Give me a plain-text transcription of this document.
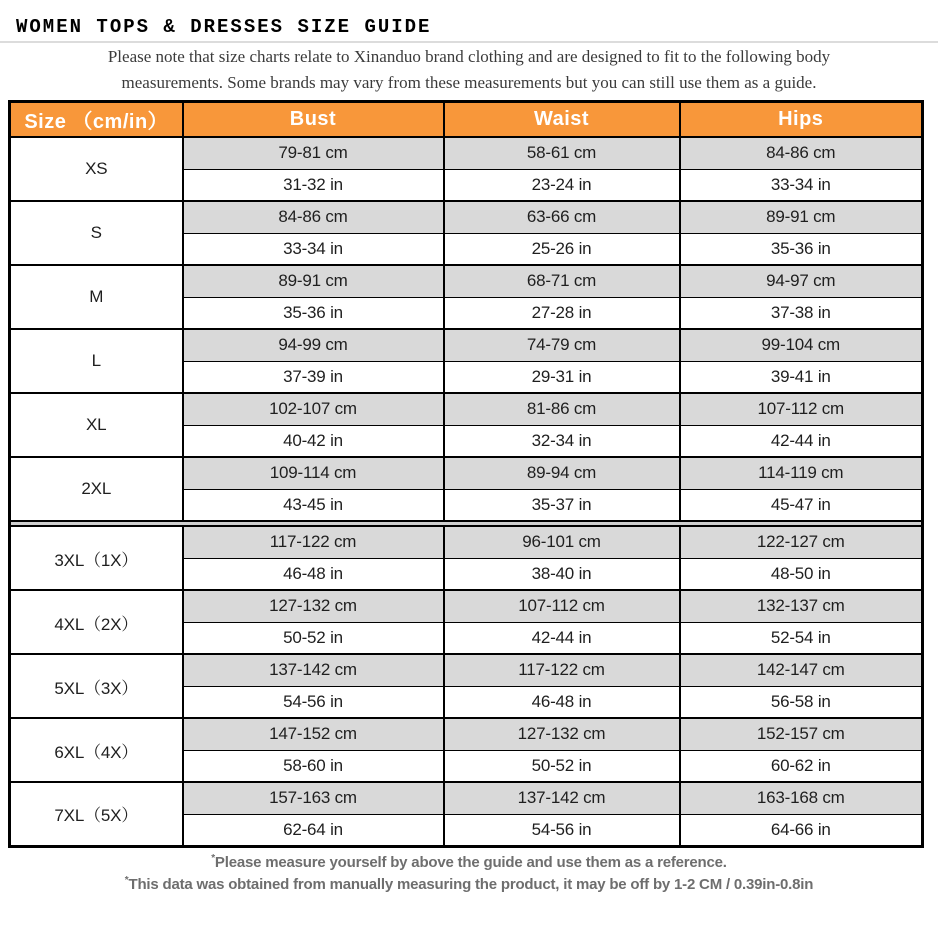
WOMEN TOPS & DRESSES SIZE GUIDE

Please note that size charts relate to Xinanduo brand clothing and are designed to fit to the following body
measurements. Some brands may vary from these measurements but you can still use them as a guide.

Size （cm/in）	Bust	Waist	Hips
XS	79-81 cm	58-61 cm	84-86 cm
	31-32 in	23-24 in	33-34 in
S	84-86 cm	63-66 cm	89-91 cm
	33-34 in	25-26 in	35-36 in
M	89-91 cm	68-71 cm	94-97 cm
	35-36 in	27-28 in	37-38 in
L	94-99 cm	74-79 cm	99-104 cm
	37-39 in	29-31 in	39-41 in
XL	102-107 cm	81-86 cm	107-112 cm
	40-42 in	32-34 in	42-44 in
2XL	109-114 cm	89-94 cm	114-119 cm
	43-45 in	35-37 in	45-47 in

3XL（1X）	117-122 cm	96-101 cm	122-127 cm
	46-48 in	38-40 in	48-50 in
4XL（2X）	127-132 cm	107-112 cm	132-137 cm
	50-52 in	42-44 in	52-54 in
5XL（3X）	137-142 cm	117-122 cm	142-147 cm
	54-56 in	46-48 in	56-58 in
6XL（4X）	147-152 cm	127-132 cm	152-157 cm
	58-60 in	50-52 in	60-62 in
7XL（5X）	157-163 cm	137-142 cm	163-168 cm
	62-64 in	54-56 in	64-66 in

*Please measure yourself by above the guide and use them as a reference.

*This data was obtained from manually measuring the product, it may be off by 1-2 CM / 0.39in-0.8in
